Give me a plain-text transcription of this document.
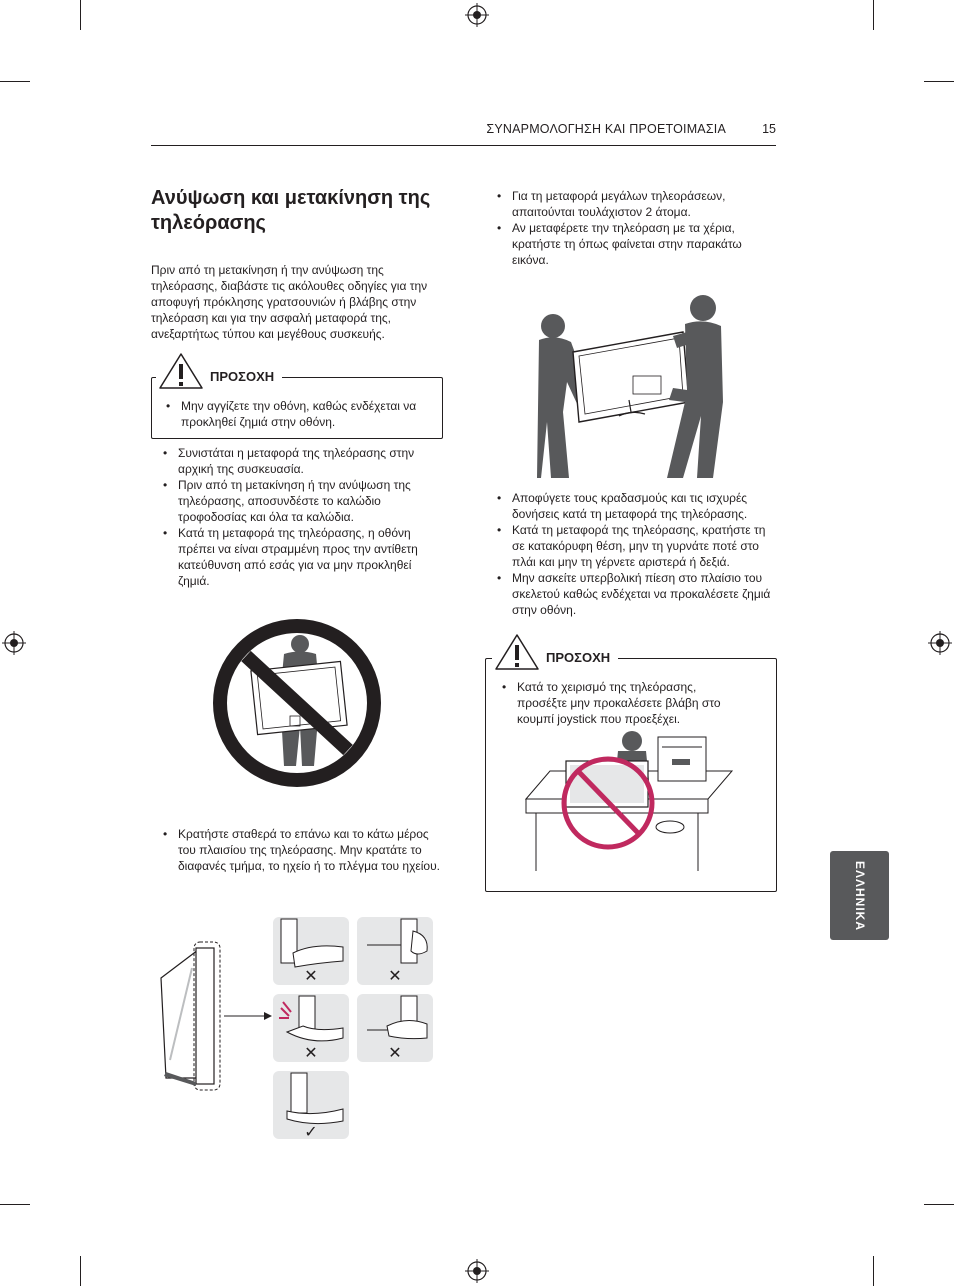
ΣΥΝΑΡΜΟΛΟΓΗΣΗ ΚΑΙ ΠΡΟΕΤΟΙΜΑΣΙΑ	15
Ανύψωση και μετακίνηση της τηλεόρασης

Πριν από τη μετακίνηση ή την ανύψωση της τηλεόρασης, διαβάστε τις ακόλουθες οδηγίες για την αποφυγή πρόκλησης γρατσουνιών ή βλάβης στην τηλεόραση και για την ασφαλή μεταφορά της, ανεξαρτήτως τύπου και μεγέθους συσκευής.

• Μην αγγίζετε την οθόνη, καθώς ενδέχεται να προκληθεί ζημιά στην οθόνη.
ΠΡΟΣΟΧΗ
• Συνιστάται η μεταφορά της τηλεόρασης στην αρχική της συσκευασία.
• Πριν από τη μετακίνηση ή την ανύψωση της τηλεόρασης, αποσυνδέστε το καλώδιο τροφοδοσίας και όλα τα καλώδια.
• Κατά τη μεταφορά της τηλεόρασης, η οθόνη πρέπει να είναι στραμμένη προς την αντίθετη κατεύθυνση από εσάς για να μην προκληθεί ζημιά.
• Κρατήστε σταθερά το επάνω και το κάτω μέρος του πλαισίου της τηλεόρασης. Μην κρατάτε το διαφανές τμήμα, το ηχείο ή το πλέγμα του ηχείου.
✕	✕
✕	✕
✓
• Για τη μεταφορά μεγάλων τηλεοράσεων, απαιτούνται τουλάχιστον 2 άτομα.
• Αν μεταφέρετε την τηλεόραση με τα χέρια, κρατήστε τη όπως φαίνεται στην παρακάτω εικόνα.
• Αποφύγετε τους κραδασμούς και τις ισχυρές δονήσεις κατά τη μεταφορά της τηλεόρασης.
• Κατά τη μεταφορά της τηλεόρασης, κρατήστε τη σε κατακόρυφη θέση, μην τη γυρνάτε ποτέ στο πλάι και μην τη γέρνετε αριστερά ή δεξιά.
• Μην ασκείτε υπερβολική πίεση στο πλαίσιο του σκελετού καθώς ενδέχεται να προκαλέσετε ζημιά στην οθόνη.
• Κατά το χειρισμό της τηλεόρασης, προσέξτε μην προκαλέσετε βλάβη στο κουμπί joystick που προεξέχει.
ΠΡΟΣΟΧΗ
ΕΛΛΗΝΙΚΑ
